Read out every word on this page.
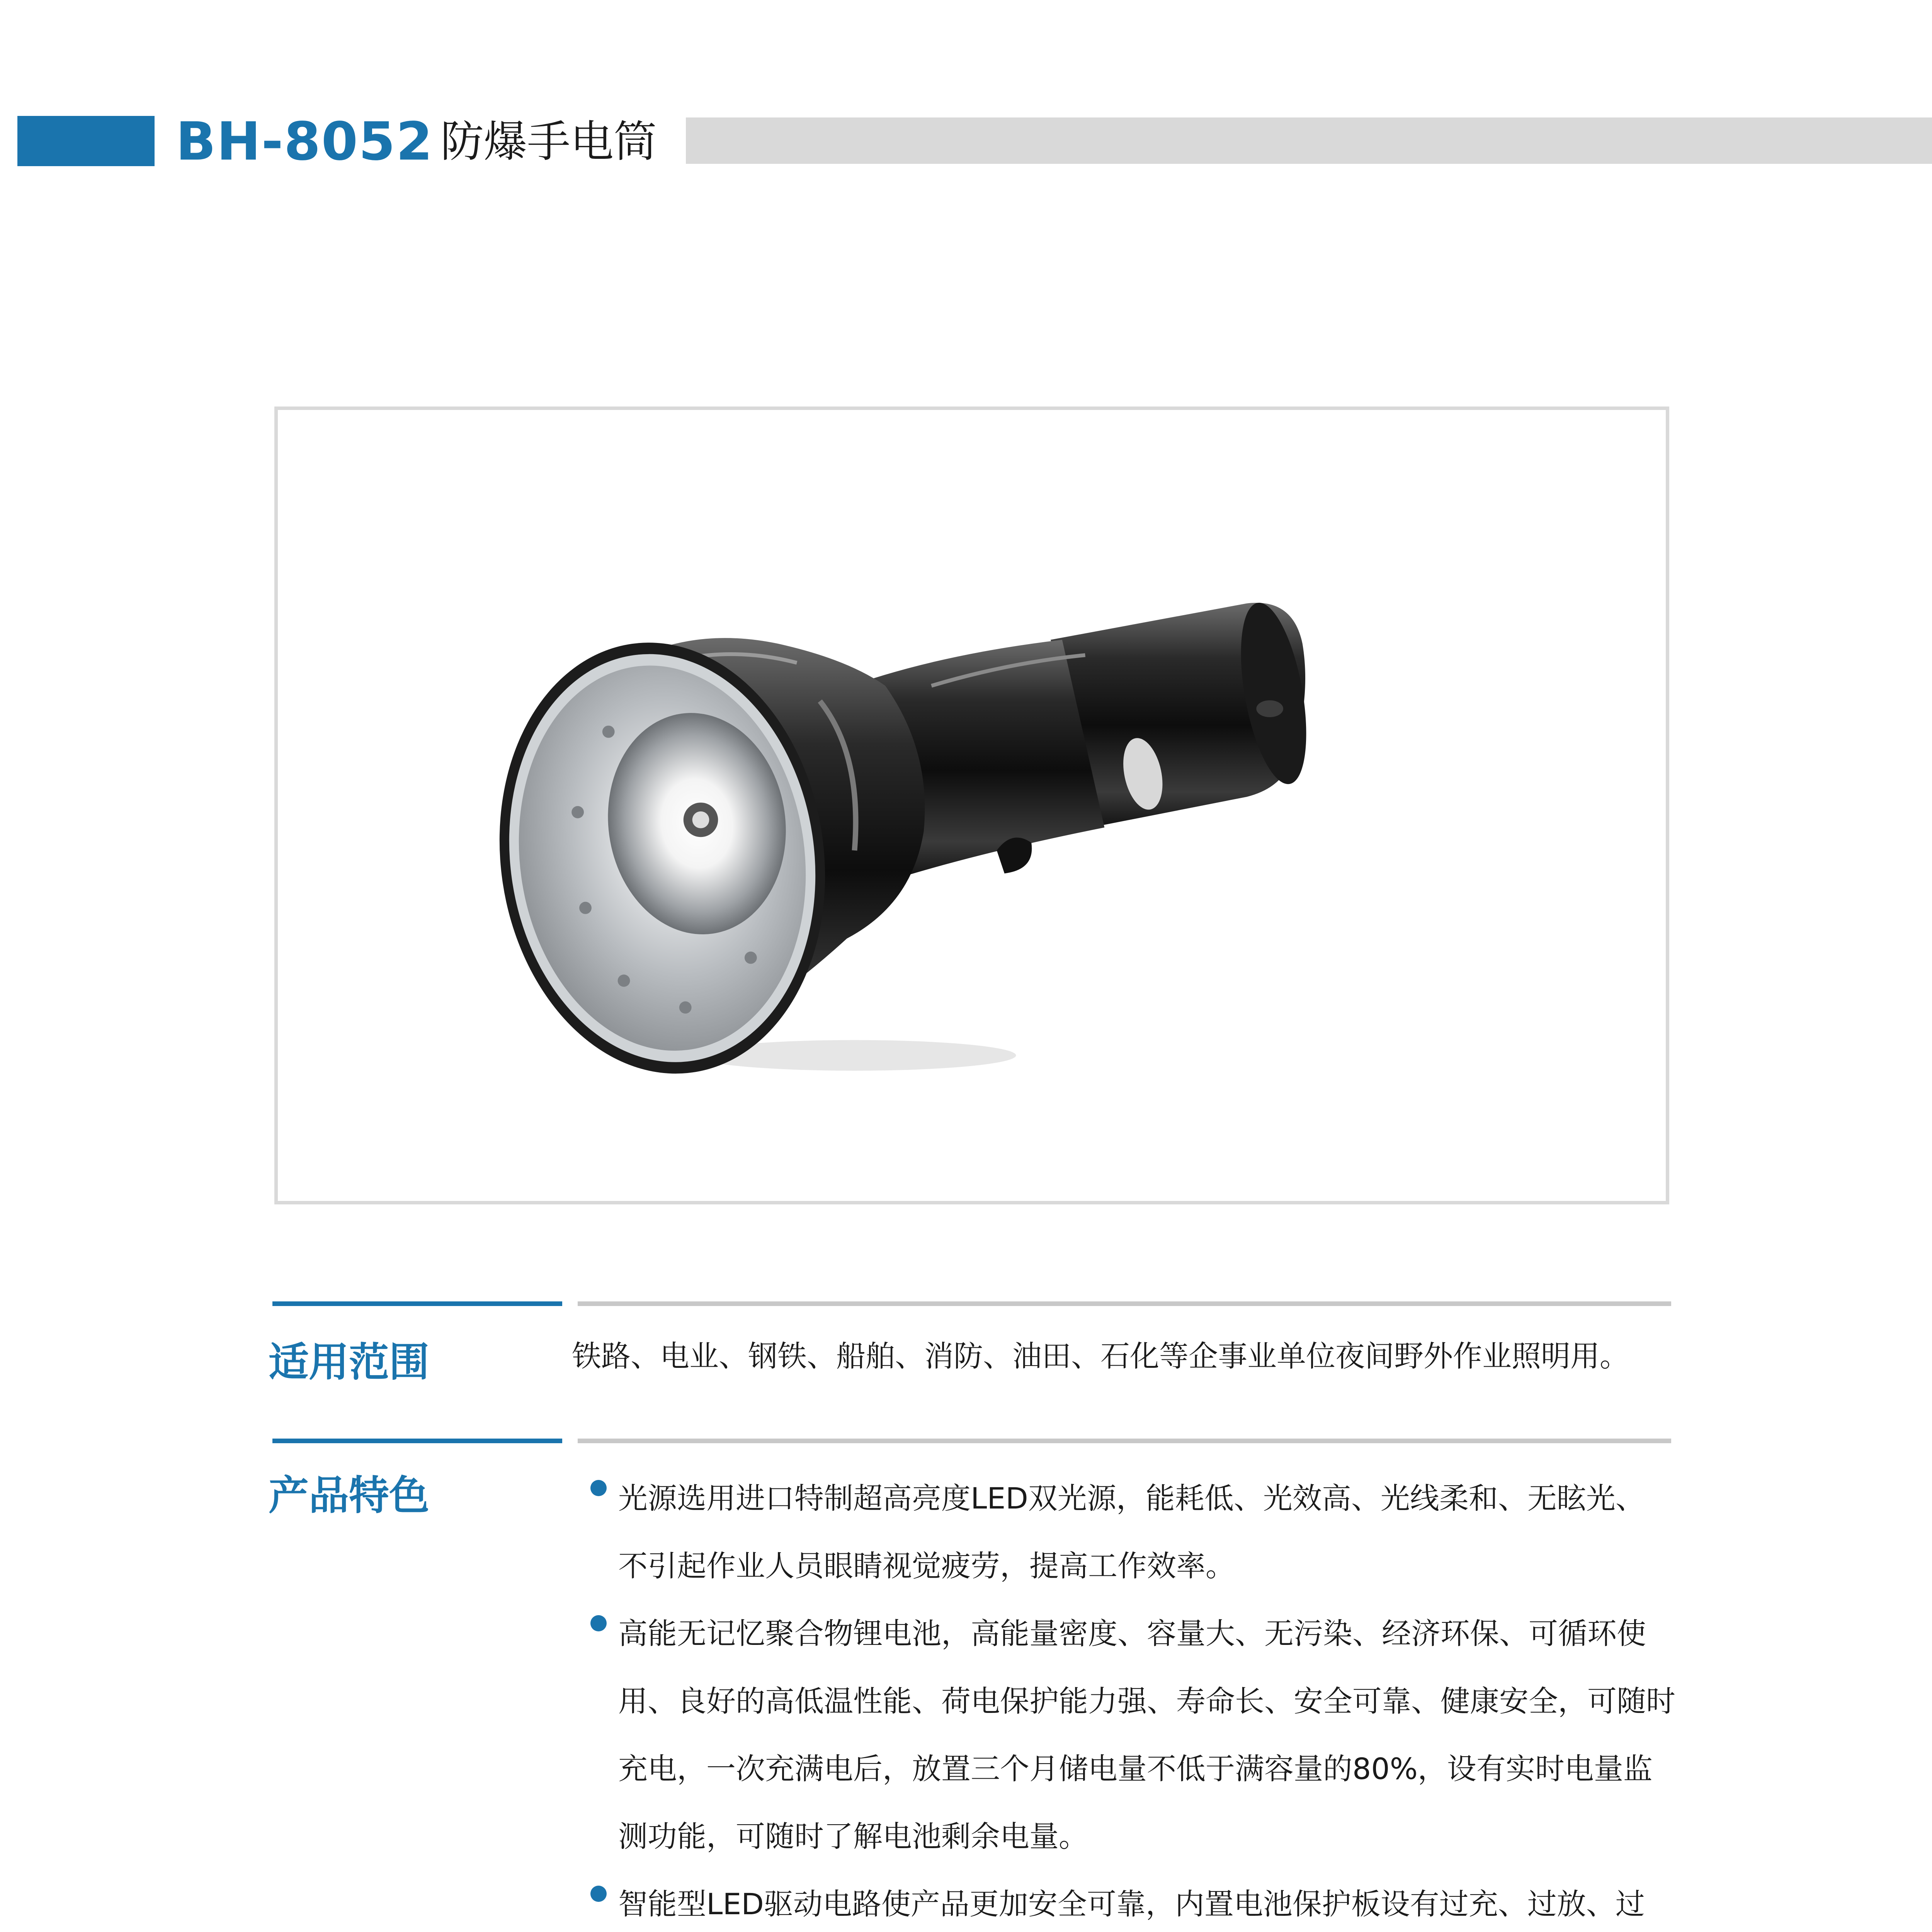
BH-8052 防爆手电筒
适用范围	铁路、电业、钢铁、船舶、消防、油田、石化等企事业单位夜间野外作业照明用。
产品特色	光源选用进口特制超高亮度LED双光源，能耗低、光效高、光线柔和、无眩光、
不引起作业人员眼睛视觉疲劳，提高工作效率。
高能无记忆聚合物锂电池，高能量密度、容量大、无污染、经济环保、可循环使
用、良好的高低温性能、荷电保护能力强、寿命长、安全可靠、健康安全，可随时
充电，一次充满电后，放置三个月储电量不低于满容量的80%，设有实时电量监
测功能，可随时了解电池剩余电量。
智能型LED驱动电路使产品更加安全可靠，内置电池保护板设有过充、过放、过
